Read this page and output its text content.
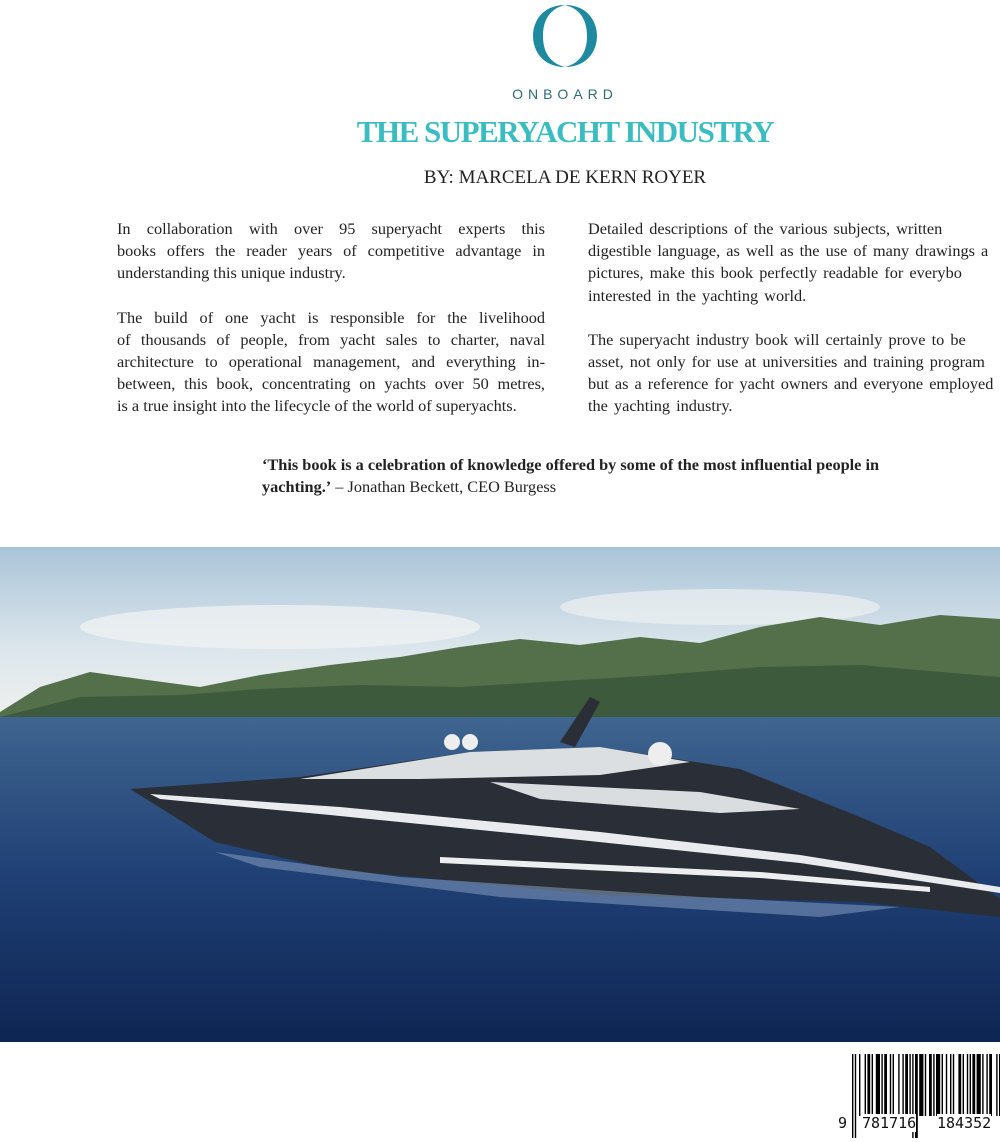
ONBOARD
THE SUPERYACHT INDUSTRY
BY: MARCELA DE KERN ROYER
In collaboration with over 95 superyacht experts this
books offers the reader years of competitive advantage in
understanding this unique industry.
The build of one yacht is responsible for the livelihood
of thousands of people, from yacht sales to charter, naval
architecture to operational management, and everything in-
between, this book, concentrating on yachts over 50 metres,
is a true insight into the lifecycle of the world of superyachts.
Detailed descriptions of the various subjects, written
digestible language, as well as the use of many drawings a
pictures, make this book perfectly readable for everybo
interested in the yachting world.
The superyacht industry book will certainly prove to be
asset, not only for use at universities and training program
but as a reference for yacht owners and everyone employed
the yachting industry.
‘This book is a celebration of knowledge offered by some of the most influential people in yachting.’ – Jonathan Beckett, CEO Burgess
9 781716 184352
